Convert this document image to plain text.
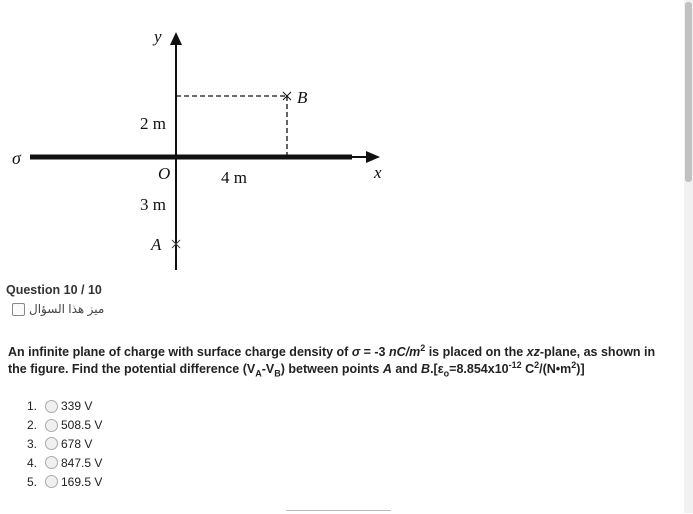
y
x
O
σ
B
A
2 m
4 m
3 m
Question 10 / 10
ميز هذا السؤال
An infinite plane of charge with surface charge density of σ = -3 $nC/m^2$ is placed on the xz-plane, as shown in the figure. Find the potential difference $(V_A-V_B)$ between points A and $B.[\varepsilon_o=8.854x10^{-12}$ $C^2/(N•m^2)$]
1.	339 V
2.	508.5 V
3.	678 V
4.	847.5 V
5.	169.5 V
